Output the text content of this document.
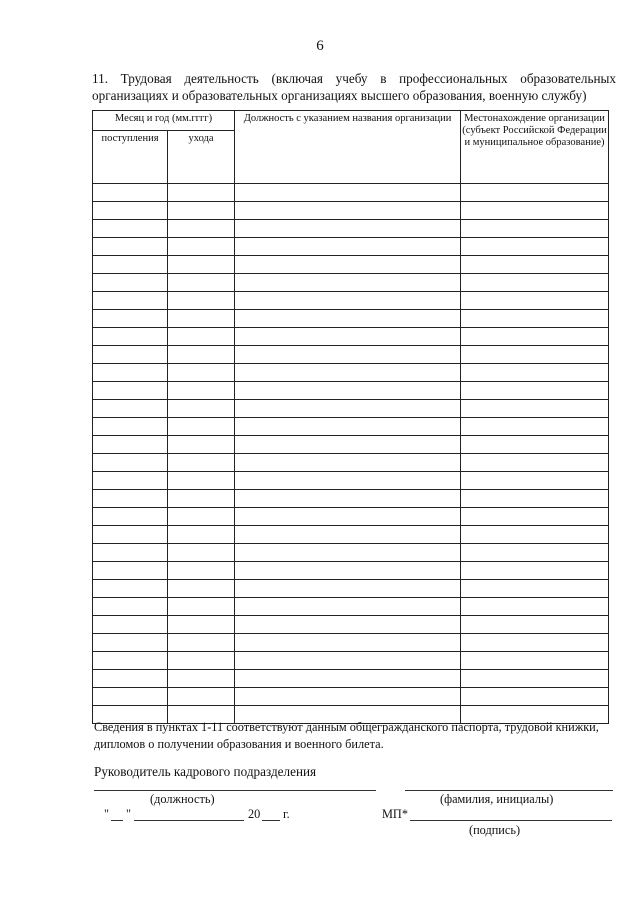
6
11. Трудовая деятельность (включая учебу в профессиональных образовательных организациях и образовательных организациях высшего образования, военную службу)
Месяц и год (мм.гггг)		Должность с указанием названия организации	Местонахождение организации (субъект Российской Федерации и муниципальное образование)
поступления	ухода		

Сведения в пунктах 1-11 соответствуют данным общегражданского паспорта, трудовой книжки, дипломов о получении образования и военного билета.
Руководитель кадрового подразделения
(должность)	(фамилия, инициалы)
" "	20 г.	МП*
(подпись)
